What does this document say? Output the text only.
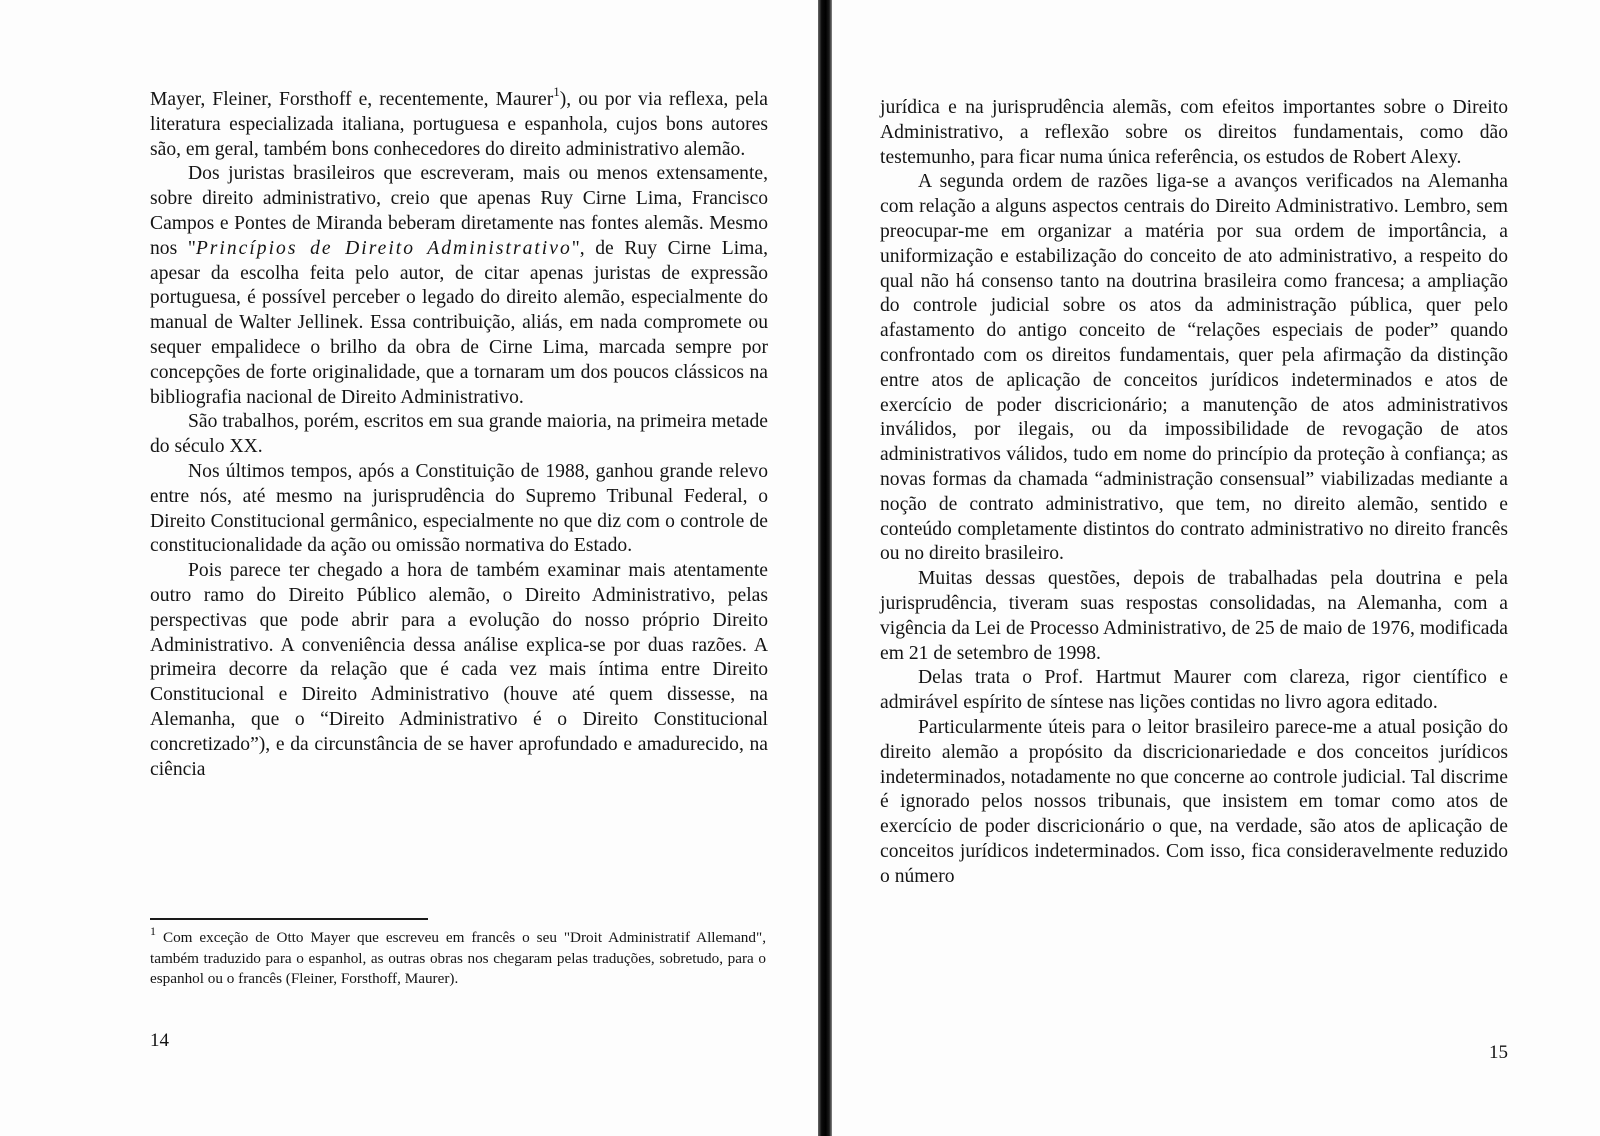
Mayer, Fleiner, Forsthoff e, recentemente, Maurer$^1$), ou por via reflexa, pela literatura especializada italiana, portuguesa e espanhola, cujos bons autores são, em geral, também bons conhecedores do direito administrativo alemão.

Dos juristas brasileiros que escreveram, mais ou menos extensamente, sobre direito administrativo, creio que apenas Ruy Cirne Lima, Francisco Campos e Pontes de Miranda beberam diretamente nas fontes alemãs. Mesmo nos "Princípios de Direito Administrativo", de Ruy Cirne Lima, apesar da escolha feita pelo autor, de citar apenas juristas de expressão portuguesa, é possível perceber o legado do direito alemão, especialmente do manual de Walter Jellinek. Essa contribuição, aliás, em nada compromete ou sequer empalidece o brilho da obra de Cirne Lima, marcada sempre por concepções de forte originalidade, que a tornaram um dos poucos clássicos na bibliografia nacional de Direito Administrativo.

São trabalhos, porém, escritos em sua grande maioria, na primeira metade do século XX.

Nos últimos tempos, após a Constituição de 1988, ganhou grande relevo entre nós, até mesmo na jurisprudência do Supremo Tribunal Federal, o Direito Constitucional germânico, especialmente no que diz com o controle de constitucionalidade da ação ou omissão normativa do Estado.

Pois parece ter chegado a hora de também examinar mais atentamente outro ramo do Direito Público alemão, o Direito Administrativo, pelas perspectivas que pode abrir para a evolução do nosso próprio Direito Administrativo. A conveniência dessa análise explica-se por duas razões. A primeira decorre da relação que é cada vez mais íntima entre Direito Constitucional e Direito Administrativo (houve até quem dissesse, na Alemanha, que o “Direito Administrativo é o Direito Constitucional concretizado”), e da circunstância de se haver aprofundado e amadurecido, na ciência

$^1$ Com exceção de Otto Mayer que escreveu em francês o seu "Droit Administratif Allemand", também traduzido para o espanhol, as outras obras nos chegaram pelas traduções, sobretudo, para o espanhol ou o francês (Fleiner, Forsthoff, Maurer).
14

jurídica e na jurisprudência alemãs, com efeitos importantes sobre o Direito Administrativo, a reflexão sobre os direitos fundamentais, como dão testemunho, para ficar numa única referência, os estudos de Robert Alexy.

A segunda ordem de razões liga-se a avanços verificados na Alemanha com relação a alguns aspectos centrais do Direito Administrativo. Lembro, sem preocupar-me em organizar a matéria por sua ordem de importância, a uniformização e estabilização do conceito de ato administrativo, a respeito do qual não há consenso tanto na doutrina brasileira como francesa; a ampliação do controle judicial sobre os atos da administração pública, quer pelo afastamento do antigo conceito de “relações especiais de poder” quando confrontado com os direitos fundamentais, quer pela afirmação da distinção entre atos de aplicação de conceitos jurídicos indeterminados e atos de exercício de poder discricionário; a manutenção de atos administrativos inválidos, por ilegais, ou da impossibilidade de revogação de atos administrativos válidos, tudo em nome do princípio da proteção à confiança; as novas formas da chamada “administração consensual” viabilizadas mediante a noção de contrato administrativo, que tem, no direito alemão, sentido e conteúdo completamente distintos do contrato administrativo no direito francês ou no direito brasileiro.

Muitas dessas questões, depois de trabalhadas pela doutrina e pela jurisprudência, tiveram suas respostas consolidadas, na Alemanha, com a vigência da Lei de Processo Administrativo, de 25 de maio de 1976, modificada em 21 de setembro de 1998.

Delas trata o Prof. Hartmut Maurer com clareza, rigor científico e admirável espírito de síntese nas lições contidas no livro agora editado.

Particularmente úteis para o leitor brasileiro parece-me a atual posição do direito alemão a propósito da discricionariedade e dos conceitos jurídicos indeterminados, notadamente no que concerne ao controle judicial. Tal discrime é ignorado pelos nossos tribunais, que insistem em tomar como atos de exercício de poder discricionário o que, na verdade, são atos de aplicação de conceitos jurídicos indeterminados. Com isso, fica consideravelmente reduzido o número

15
